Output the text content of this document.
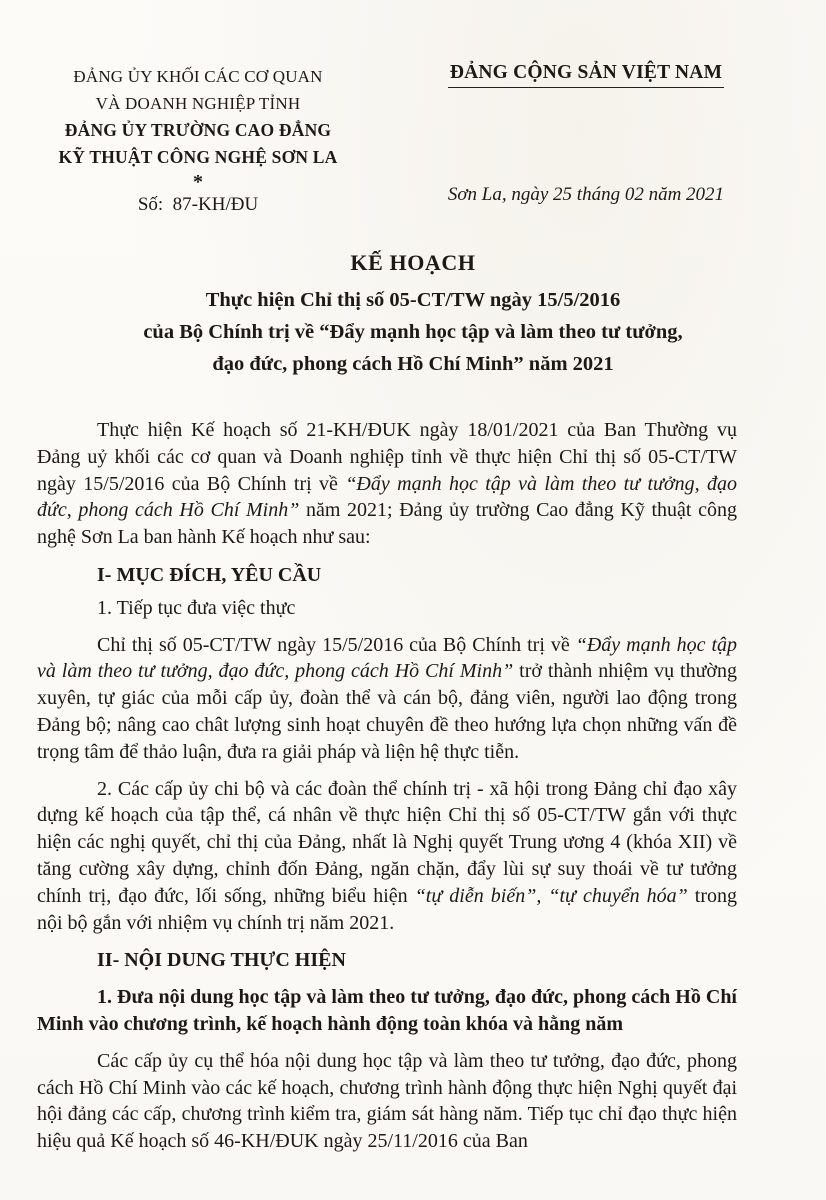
ĐẢNG ỦY KHỐI CÁC CƠ QUAN
VÀ DOANH NGHIỆP TỈNH
ĐẢNG ỦY TRƯỜNG CAO ĐẲNG
KỸ THUẬT CÔNG NGHỆ SƠN LA
*
Số:  87-KH/ĐU
ĐẢNG CỘNG SẢN VIỆT NAM
Sơn La, ngày 25 tháng 02 năm 2021
KẾ HOẠCH
Thực hiện Chỉ thị số 05-CT/TW ngày 15/5/2016
của Bộ Chính trị về “Đẩy mạnh học tập và làm theo tư tưởng,
đạo đức, phong cách Hồ Chí Minh” năm 2021

Thực hiện Kế hoạch số 21-KH/ĐUK ngày 18/01/2021 của Ban Thường vụ Đảng uỷ khối các cơ quan và Doanh nghiệp tỉnh về thực hiện Chỉ thị số 05-CT/TW ngày 15/5/2016 của Bộ Chính trị về “Đẩy mạnh học tập và làm theo tư tưởng, đạo đức, phong cách Hồ Chí Minh” năm 2021; Đảng ủy trường Cao đẳng Kỹ thuật công nghệ Sơn La ban hành Kế hoạch như sau:

I- MỤC ĐÍCH, YÊU CẦU

1. Tiếp tục đưa việc thực

Chỉ thị số 05-CT/TW ngày 15/5/2016 của Bộ Chính trị về “Đẩy mạnh học tập và làm theo tư tưởng, đạo đức, phong cách Hồ Chí Minh” trở thành nhiệm vụ thường xuyên, tự giác của mỗi cấp ủy, đoàn thể và cán bộ, đảng viên, người lao động trong Đảng bộ; nâng cao chât lượng sinh hoạt chuyên đề theo hướng lựa chọn những vấn đề trọng tâm để thảo luận, đưa ra giải pháp và liện hệ thực tiễn.

2. Các cấp ủy chi bộ và các đoàn thể chính trị - xã hội trong Đảng chỉ đạo xây dựng kế hoạch của tập thể, cá nhân về thực hiện Chỉ thị số 05-CT/TW gắn với thực hiện các nghị quyết, chỉ thị của Đảng, nhất là Nghị quyết Trung ương 4 (khóa XII) về tăng cường xây dựng, chỉnh đốn Đảng, ngăn chặn, đẩy lùi sự suy thoái về tư tưởng chính trị, đạo đức, lối sống, những biểu hiện “tự diễn biến”, “tự chuyển hóa” trong nội bộ gắn với nhiệm vụ chính trị năm 2021.

II- NỘI DUNG THỰC HIỆN

1. Đưa nội dung học tập và làm theo tư tưởng, đạo đức, phong cách Hồ Chí Minh vào chương trình, kế hoạch hành động toàn khóa và hằng năm

Các cấp ủy cụ thể hóa nội dung học tập và làm theo tư tưởng, đạo đức, phong cách Hồ Chí Minh vào các kế hoạch, chương trình hành động thực hiện Nghị quyết đại hội đảng các cấp, chương trình kiểm tra, giám sát hàng năm. Tiếp tục chỉ đạo thực hiện hiệu quả Kế hoạch số 46-KH/ĐUK ngày 25/11/2016 của Ban
